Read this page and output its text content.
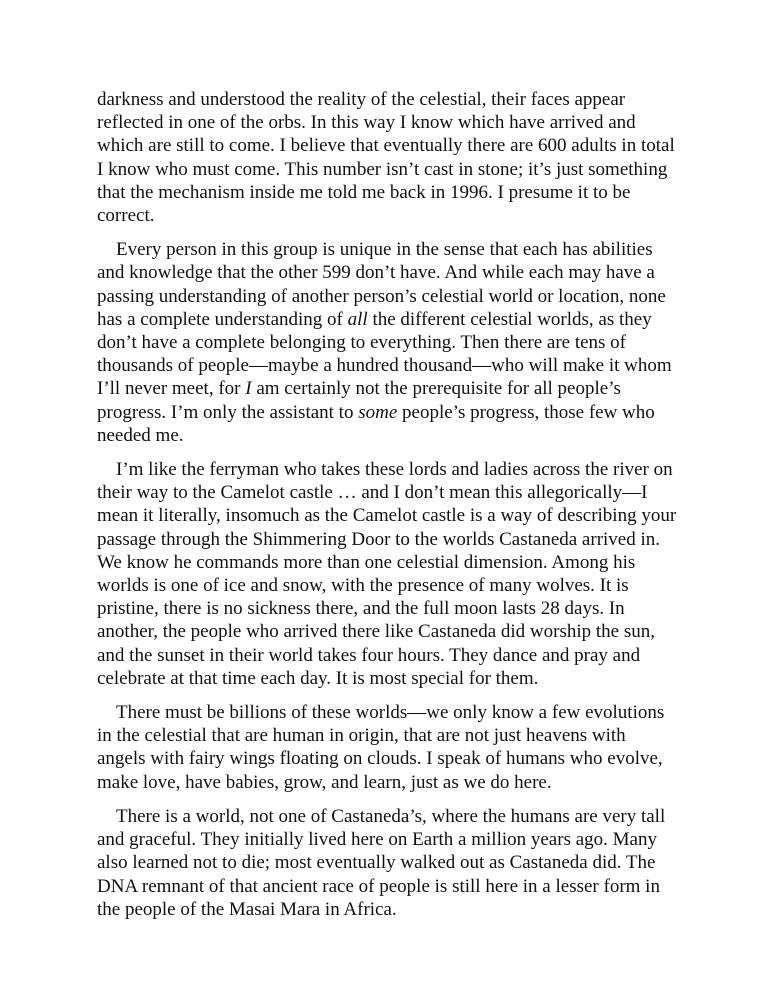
darkness and understood the reality of the celestial, their faces appear reflected in one of the orbs. In this way I know which have arrived and which are still to come. I believe that eventually there are 600 adults in total I know who must come. This number isn’t cast in stone; it’s just something that the mechanism inside me told me back in 1996. I presume it to be correct.

Every person in this group is unique in the sense that each has abilities and knowledge that the other 599 don’t have. And while each may have a passing understanding of another person’s celestial world or location, none has a complete understanding of all the different celestial worlds, as they don’t have a complete belonging to everything. Then there are tens of thousands of people—maybe a hundred thousand—who will make it whom I’ll never meet, for I am certainly not the prerequisite for all people’s progress. I’m only the assistant to some people’s progress, those few who needed me.

I’m like the ferryman who takes these lords and ladies across the river on their way to the Camelot castle … and I don’t mean this allegorically—I mean it literally, insomuch as the Camelot castle is a way of describing your passage through the Shimmering Door to the worlds Castaneda arrived in. We know he commands more than one celestial dimension. Among his worlds is one of ice and snow, with the presence of many wolves. It is pristine, there is no sickness there, and the full moon lasts 28 days. In another, the people who arrived there like Castaneda did worship the sun, and the sunset in their world takes four hours. They dance and pray and celebrate at that time each day. It is most special for them.

There must be billions of these worlds—we only know a few evolutions in the celestial that are human in origin, that are not just heavens with angels with fairy wings floating on clouds. I speak of humans who evolve, make love, have babies, grow, and learn, just as we do here.

There is a world, not one of Castaneda’s, where the humans are very tall and graceful. They initially lived here on Earth a million years ago. Many also learned not to die; most eventually walked out as Castaneda did. The DNA remnant of that ancient race of people is still here in a lesser form in the people of the Masai Mara in Africa.
